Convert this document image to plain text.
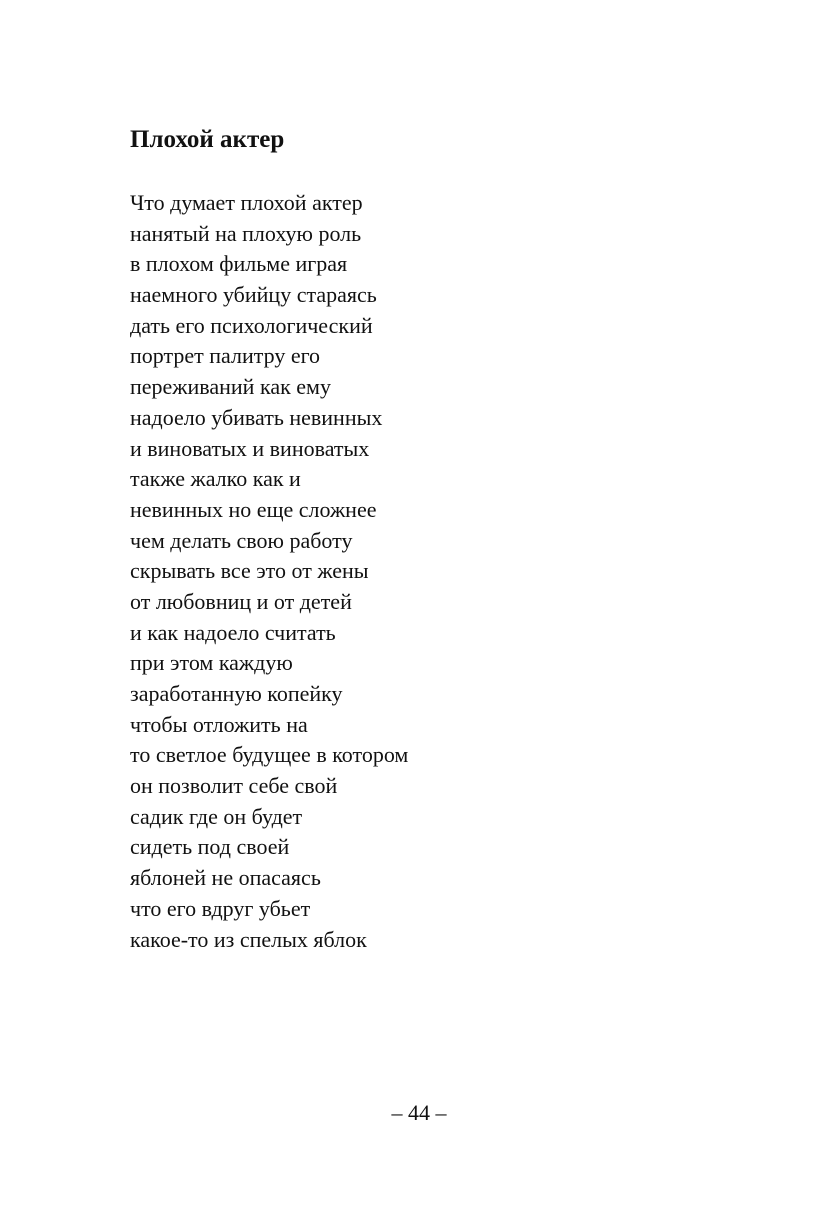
Плохой актер
Что думает плохой актер
нанятый на плохую роль
в плохом фильме играя
наемного убийцу стараясь
дать его психологический
портрет палитру его
переживаний как ему
надоело убивать невинных
и виноватых и виноватых
также жалко как и
невинных но еще сложнее
чем делать свою работу
скрывать все это от жены
от любовниц и от детей
и как надоело считать
при этом каждую
заработанную копейку
чтобы отложить на
то светлое будущее в котором
он позволит себе свой
садик где он будет
сидеть под своей
яблоней не опасаясь
что его вдруг убьет
какое-то из спелых яблок
– 44 –
